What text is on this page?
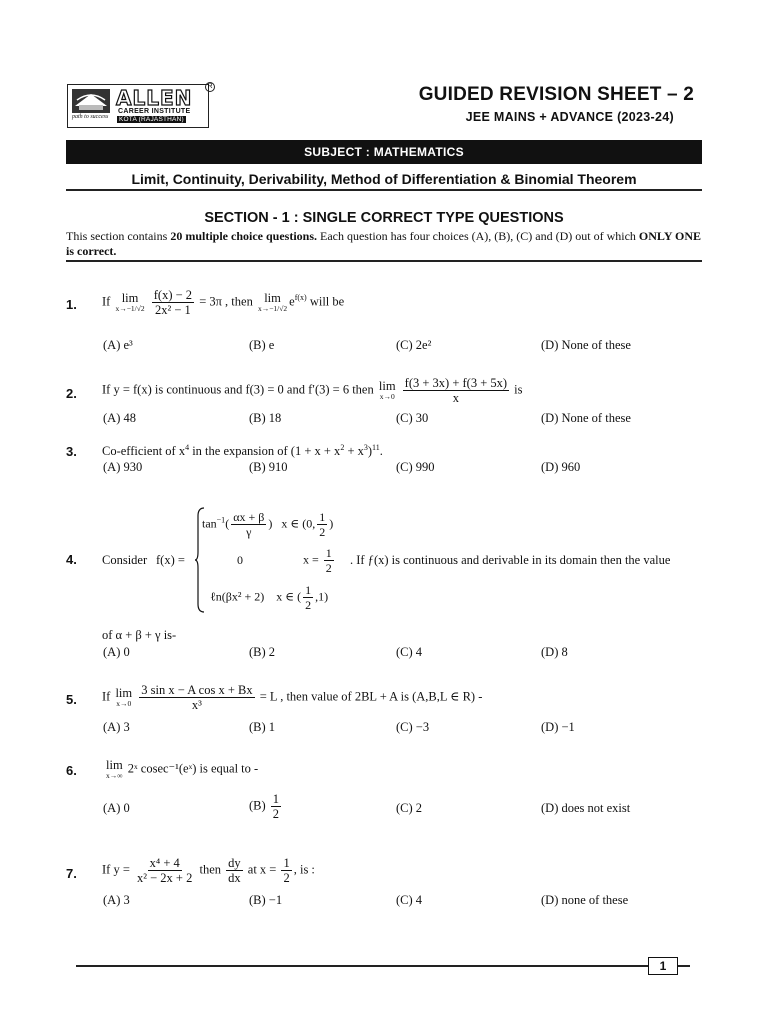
ALLEN
CAREER INSTITUTE
KOTA (RAJASTHAN)
path to success
R	GUIDED REVISION SHEET – 2
JEE MAINS + ADVANCE (2023-24)
SUBJECT : MATHEMATICS
Limit, Continuity, Derivability, Method of Differentiation & Binomial Theorem
SECTION - 1 : SINGLE CORRECT TYPE QUESTIONS
This section contains 20 multiple choice questions. Each question has four choices (A), (B), (C) and (D) out of which ONLY ONE is correct.
1. If lim
x→−1/√2
$\frac{f(x) - 2}{\text{2x² − 1}} = 3\pi$ , then lim
x→−1/√2
$e^{f(x)}$ will be
(A) e³	(B) e	(C) 2e²	(D) None of these
2. If y = f(x) is continuous and f(3) = 0 and f′(3) = 6 then lim
x→0
$\frac{f(3 + 3x) + f(3 + 5x)}{x}$ is
(A) 48	(B) 18	(C) 30	(D) None of these
3. Co-efficient of $x^4$ in the expansion of $(1 + x + x^2 + x^3)^{11}$.
(A) 930	(B) 910	(C) 990	(D) 960
4. Consider f(x) =
$\tan^{-1}( \frac{\alpha x + \beta}{\gamma}$ )   x ∈ (0, $\frac{1}{2}$ )
0	$x = \frac{1}{2}$ . If ƒ(x) is continuous and derivable in its domain then the value
ℓn(βx² + 2)    x ∈ ( $\frac{1}{2} ,1$)
of α + β + γ is-
(A) 0	(B) 2	(C) 4	(D) 8
5. If lim
x→0
$\frac{\text{3 sin x − A cos x + Bx}}{\text{x³}} = L$ , then value of 2BL + A is (A,B,L ∈ R) -
(A) 3	(B) 1	(C) −3	(D) −1
6. lim
x→∞
2ˣ cosec⁻¹(eˣ) is equal to -
(A) 0	$(B) \frac{1}{2}$	(C) 2	(D) does not exist
7. If $y = \frac{\text{x⁴ + 4}}{\text{x² − 2x + 2}}$ then $\frac{dy}{dx}$ at $x = \frac{1}{2}$ , is :
(A) 3	(B) −1	(C) 4	(D) none of these
1
